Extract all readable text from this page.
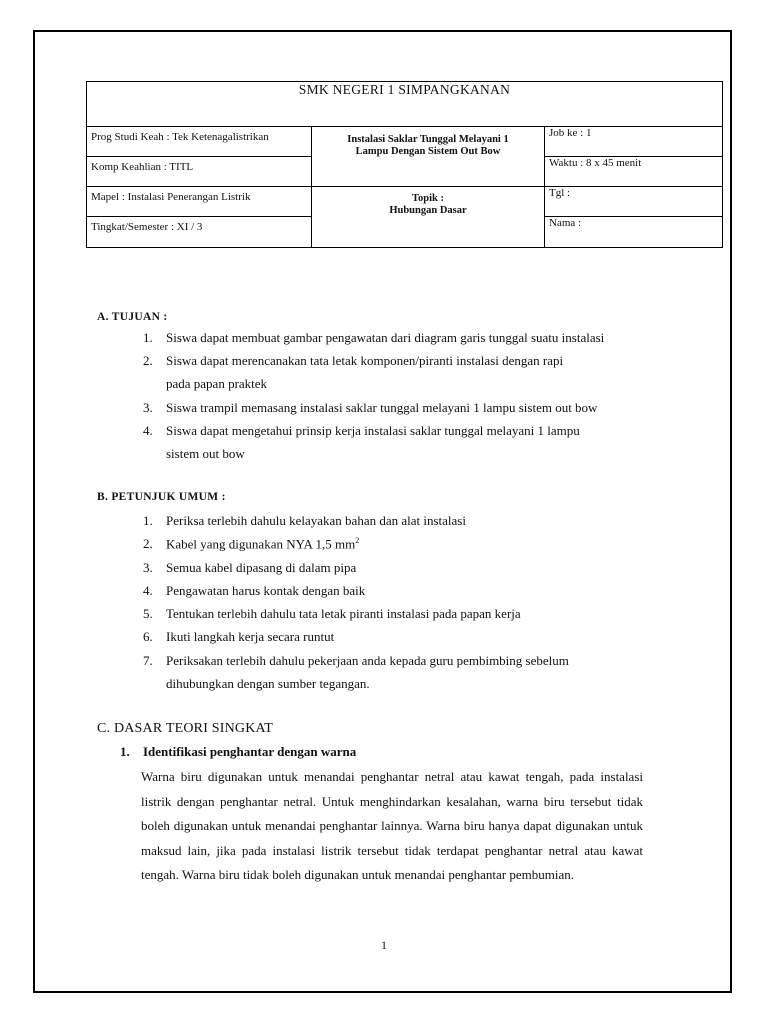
SMK NEGERI 1 SIMPANGKANAN
Prog Studi Keah : Tek Ketenagalistrikan
Komp Keahlian : TITL
Mapel : Instalasi Penerangan Listrik
Tingkat/Semester : XI / 3
Instalasi Saklar Tunggal Melayani 1
Lampu Dengan Sistem Out Bow
Topik :
Hubungan Dasar
Job ke : 1
Waktu : 8 x 45 menit
Tgl :
Nama :
A. TUJUAN :
1. Siswa dapat membuat gambar pengawatan dari diagram garis tunggal suatu instalasi
2. Siswa dapat merencanakan tata letak komponen/piranti instalasi dengan rapi
pada papan praktek
3. Siswa trampil memasang instalasi saklar tunggal melayani 1 lampu sistem out bow
4. Siswa dapat mengetahui prinsip kerja instalasi saklar tunggal melayani 1 lampu
sistem out bow
B. PETUNJUK UMUM :
1. Periksa terlebih dahulu kelayakan bahan dan alat instalasi
2. Kabel yang digunakan NYA 1,5 $mm^2$
3. Semua kabel dipasang di dalam pipa
4. Pengawatan harus kontak dengan baik
5. Tentukan terlebih dahulu tata letak piranti instalasi pada papan kerja
6. Ikuti langkah kerja secara runtut
7. Periksakan terlebih dahulu pekerjaan anda kepada guru pembimbing sebelum
dihubungkan dengan sumber tegangan.
C. DASAR TEORI SINGKAT
1. Identifikasi penghantar dengan warna
Warna biru digunakan untuk menandai penghantar netral atau kawat tengah, pada instalasi listrik dengan penghantar netral. Untuk menghindarkan kesalahan, warna biru tersebut tidak boleh digunakan untuk menandai penghantar lainnya. Warna biru hanya dapat digunakan untuk maksud lain, jika pada instalasi listrik tersebut tidak terdapat penghantar netral atau kawat tengah. Warna biru tidak boleh digunakan untuk menandai penghantar pembumian.
1
